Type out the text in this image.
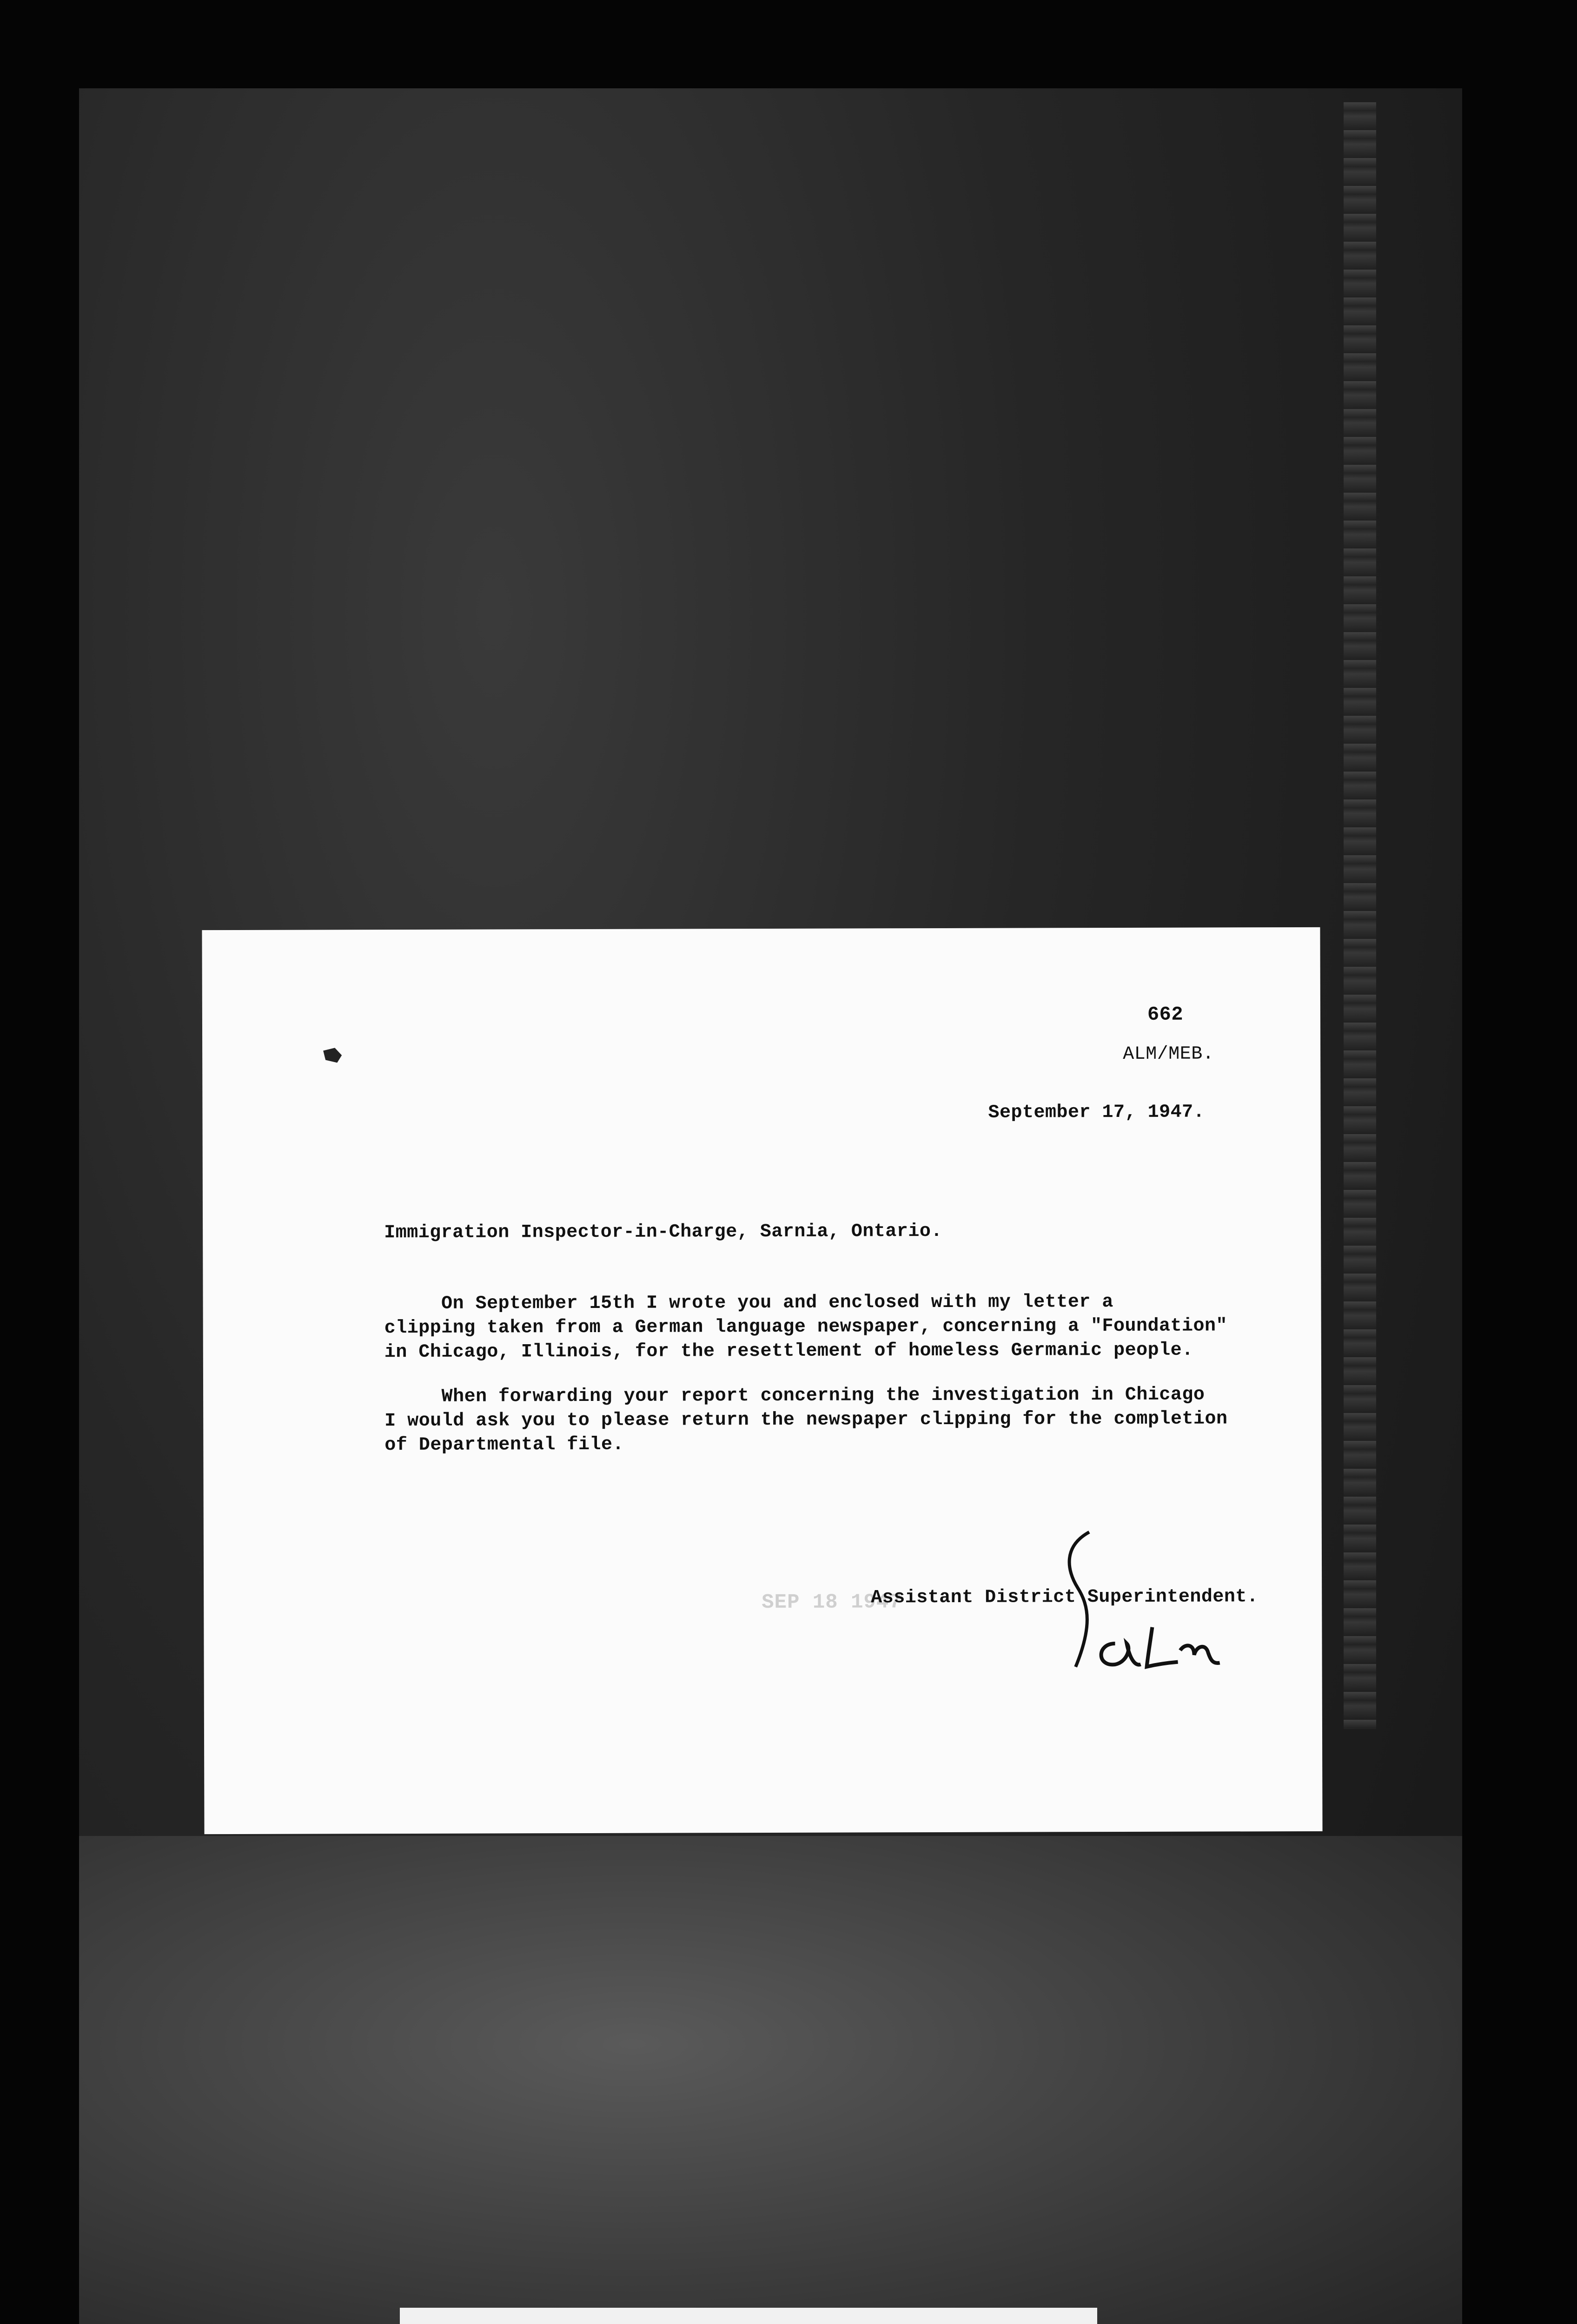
662
ALM/MEB.
September 17, 1947.
Immigration Inspector-in-Charge, Sarnia, Ontario.
On September 15th I wrote you and enclosed with my letter a
clipping taken from a German language newspaper, concerning a "Foundation"
in Chicago, Illinois, for the resettlement of homeless Germanic people.
When forwarding your report concerning the investigation in Chicago
I would ask you to please return the newspaper clipping for the completion
of Departmental file.
SEP 18 1947
Assistant District Superintendent.
